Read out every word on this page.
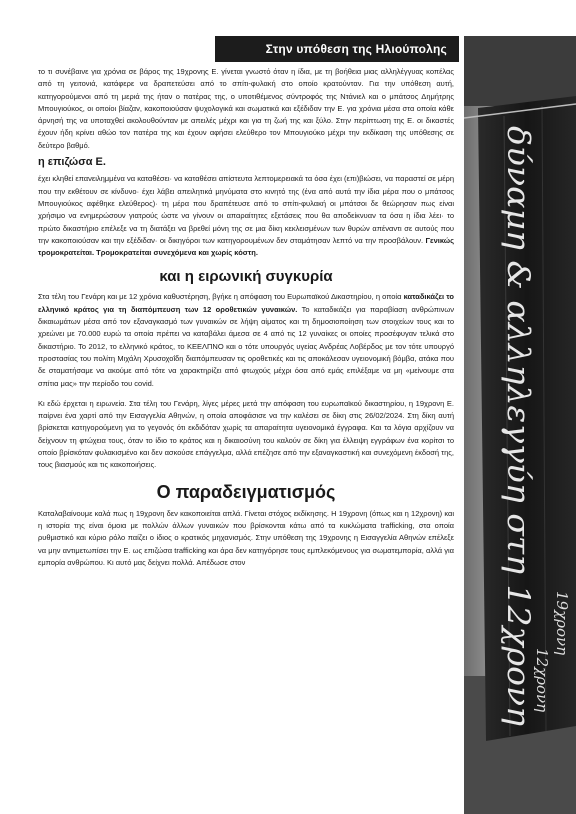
Στην υπόθεση της Ηλιούπολης
δύναμη & αλληλεγγύη στη 12χρονη 19χρονη
12χρονη

το τι συνέβαινε για χρόνια σε βάρος της 19χρονης Ε. γίνεται γνωστό όταν η ίδια, με τη βοήθεια μιας αλληλέγγυας κοπέλας από τη γειτονιά, κατάφερε να δραπετεύσει από το σπίτι-φυλακή στο οποίο κρατούνταν. Για την υπόθεση αυτή, κατηγορούμενοι από τη μεριά της ήταν ο πατέρας της, ο υποτιθέμενος σύντροφός της Ντάνιελ και ο μπάτσος Δημήτρης Μπουγιούκος, οι οποίοι βίαζαν, κακοποιούσαν ψυχολογικά και σωματικά και εξέδιδαν την Ε. για χρόνια μέσα στα οποία κάθε άρνησή της να υποταχθεί ακολουθούνταν με απειλές μέχρι και για τη ζωή της και ξύλο. Στην περίπτωση της Ε. οι δικαστές έχουν ήδη κρίνει αθώο τον πατέρα της και έχουν αφήσει ελεύθερο τον Μπουγιούκο μέχρι την εκδίκαση της υπόθεσης σε δεύτερο βαθμό.

η επιζώσα Ε.

έχει κληθεί επανειλημμένα να καταθέσει· να καταθέσει απίστευτα λεπτομερειακά τα όσα έχει (επι)βιώσει, να παραστεί σε μέρη που την εκθέτουν σε κίνδυνο· έχει λάβει απειλητικά μηνύματα στο κινητό της (ένα από αυτά την ίδια μέρα που ο μπάτσος Μπουγιούκος αφέθηκε ελεύθερος)· τη μέρα που δραπέτευσε από το σπίτι-φυλακή οι μπάτσοι δε θεώρησαν πως είναι χρήσιμο να ενημερώσουν γιατρούς ώστε να γίνουν οι απαραίτητες εξετάσεις που θα αποδείκνυαν τα όσα η ίδια λέει· το πρώτο δικαστήριο επέλεξε να τη διατάξει να βρεθεί μόνη της σε μια δίκη κεκλεισμένων των θυρών απέναντι σε αυτούς που την κακοποιούσαν και την εξέδιδαν· οι δικηγόροι των κατηγορουμένων δεν σταμάτησαν λεπτό να την προσβάλουν. Γενικώς τρομοκρατείται. Τρομοκρατείται συνεχόμενα και χωρίς κόστη.

και η ειρωνική συγκυρία

Στα τέλη του Γενάρη και με 12 χρόνια καθυστέρηση, βγήκε η απόφαση του Ευρωπαϊκού Δικαστηρίου, η οποία καταδικάζει το ελληνικό κράτος για τη διαπόμπευση των 12 οροθετικών γυναικών. Το καταδικάζει για παραβίαση ανθρώπινων δικαιωμάτων μέσα από τον εξαναγκασμό των γυναικών σε λήψη αίματος και τη δημοσιοποίηση των στοιχείων τους και το χρεώνει με 70.000 ευρώ τα οποία πρέπει να καταβάλει άμεσα σε 4 από τις 12 γυναίκες οι οποίες προσέφυγαν τελικά στο δικαστήριο. Το 2012, το ελληνικό κράτος, το ΚΕΕΛΠΝΟ και ο τότε υπουργός υγείας Ανδρέας Λοβέρδος με τον τότε υπουργό προστασίας του πολίτη Μιχάλη Χρυσοχοΐδη διαπόμπευσαν τις οροθετικές και τις αποκάλεσαν υγειονομική βόμβα, ατάκα που δε σταματήσαμε να ακούμε από τότε να χαρακτηρίζει από φτωχούς μέχρι όσα από εμάς επιλέξαμε να μη «μείνουμε στα σπίτια μας» την περίοδο του covid.

Κι εδώ έρχεται η ειρωνεία. Στα τέλη του Γενάρη, λίγες μέρες μετά την απόφαση του ευρωπαϊκού δικαστηρίου, η 19χρονη Ε. παίρνει ένα χαρτί από την Εισαγγελία Αθηνών, η οποία αποφάσισε να την καλέσει σε δίκη στις 26/02/2024. Στη δίκη αυτή βρίσκεται κατηγορούμενη για το γεγονός ότι εκδιδόταν χωρίς τα απαραίτητα υγειονομικά έγγραφα. Και τα λόγια αρχίζουν να δείχνουν τη φτώχεια τους, όταν το ίδιο το κράτος και η δικαιοσύνη του καλούν σε δίκη για έλλειψη εγγράφων ένα κορίτσι το οποίο βρίσκόταν φυλακισμένο και δεν ασκούσε επάγγελμα, αλλά επέζησε από την εξαναγκαστική και συνεχόμενη έκδοσή της, τους βιασμούς και τις κακοποιήσεις.

Ο παραδειγματισμός

Καταλαβαίνουμε καλά πως η 19χρονη δεν κακοποιείται απλά. Γίνεται στόχος εκδίκησης. Η 19χρονη (όπως και η 12χρονη) και η ιστορία της είναι όμοια με πολλών άλλων γυναικών που βρίσκονται κάτω από τα κυκλώματα trafficking, στα οποία ρυθμιστικό και κύριο ρόλο παίζει ο ίδιος ο κρατικός μηχανισμός. Στην υπόθεση της 19χρονης η Εισαγγελία Αθηνών επέλεξε να μην αντιμετωπίσει την Ε. ως επιζώσα trafficking και άρα δεν κατηγόρησε τους εμπλεκόμενους για σωματεμπορία, αλλά για εμπορία ανθρώπου. Κι αυτό μας δείχνει πολλά. Απέδωσε στον
